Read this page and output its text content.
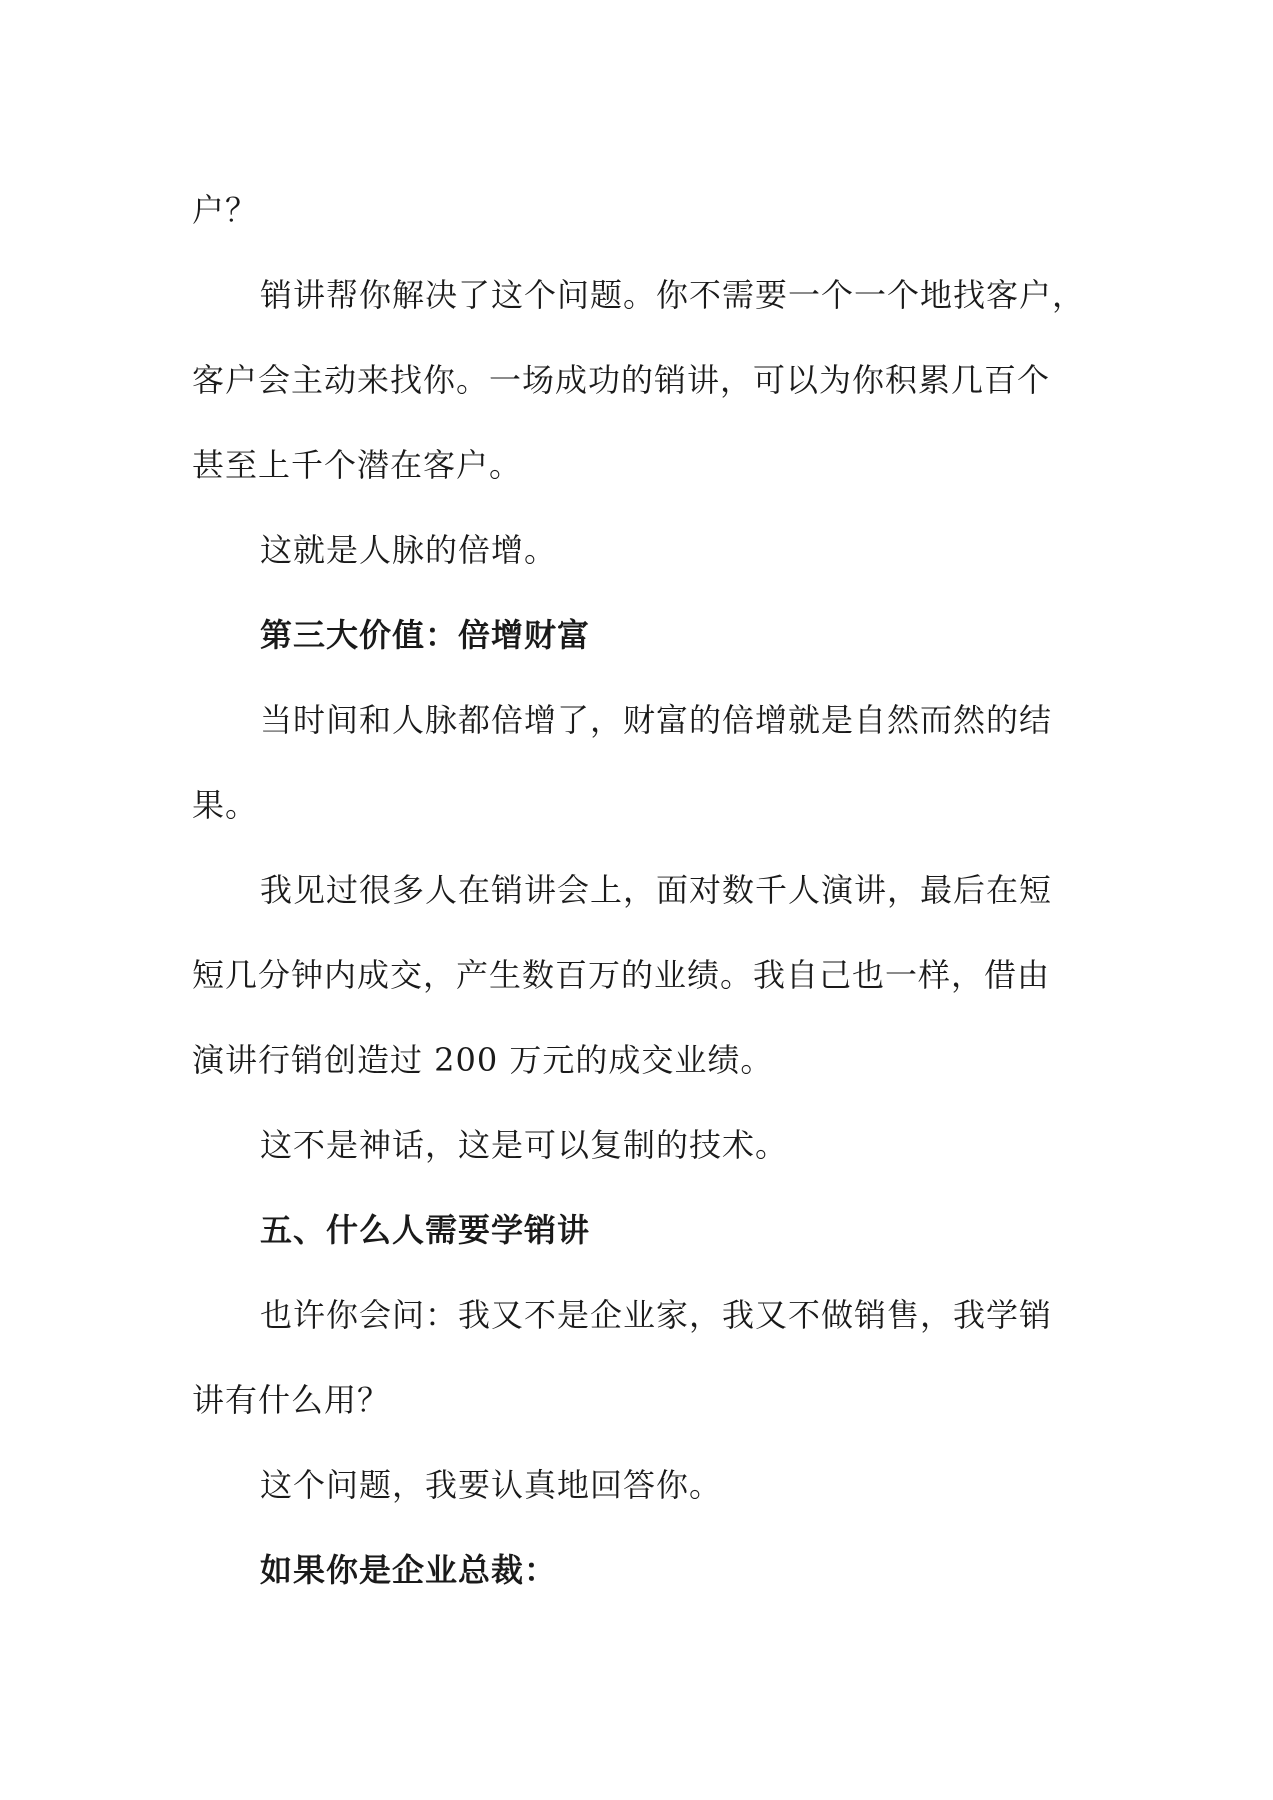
户？
销讲帮你解决了这个问题。你不需要一个一个地找客户，
客户会主动来找你。一场成功的销讲，可以为你积累几百个
甚至上千个潜在客户。
这就是人脉的倍增。
第三大价值：倍增财富
当时间和人脉都倍增了，财富的倍增就是自然而然的结
果。
我见过很多人在销讲会上，面对数千人演讲，最后在短
短几分钟内成交，产生数百万的业绩。我自己也一样，借由
演讲行销创造过 200 万元的成交业绩。
这不是神话，这是可以复制的技术。
五、什么人需要学销讲
也许你会问：我又不是企业家，我又不做销售，我学销
讲有什么用？
这个问题，我要认真地回答你。
如果你是企业总裁：
